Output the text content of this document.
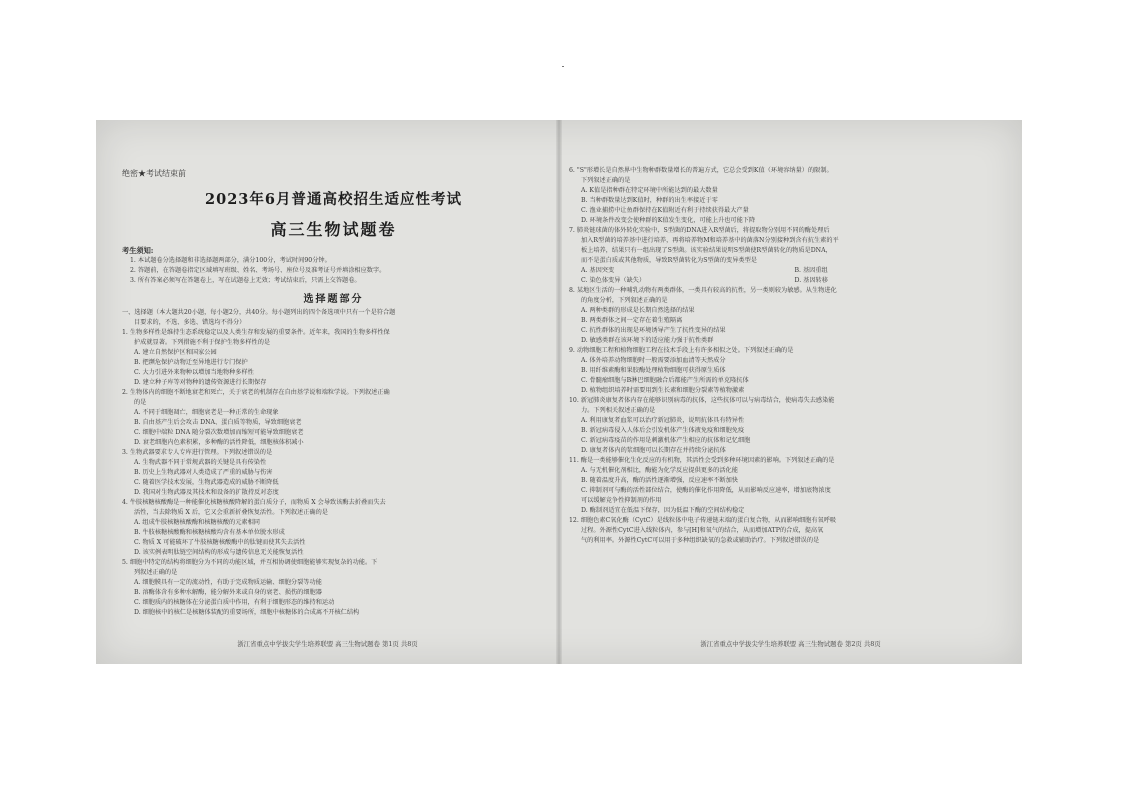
绝密★考试结束前
2023年6月普通高校招生适应性考试
高三生物试题卷
考生须知:
1. 本试题卷分选择题和非选择题两部分，满分100分，考试时间90分钟。
2. 答题前，在答题卷指定区域填写班级、姓名、考场号、座位号及准考证号并填涂相应数字。
3. 所有答案必须写在答题卷上，写在试题卷上无效；考试结束后，只需上交答题卷。
选择题部分
一、选择题（本大题共20小题，每小题2分，共40分。每小题列出的四个备选项中只有一个是符合题
目要求的，不选、多选、错选均不得分）
1. 生物多样性是维持生态系统稳定以及人类生存和发展的重要条件。近年来，我国的生物多样性保
护成就显著。下列措施不利于保护生物多样性的是
A. 建立自然保护区和国家公园
B. 把濒危保护动物迁至异地进行专门保护
C. 大力引进外来物种以增加当地物种多样性
D. 建立种子库等对物种的遗传资源进行长期保存
2. 生物体内的细胞不断地衰老和死亡，关于衰老的机制存在自由基学说和端粒学说。下列叙述正确
的是
A. 不同于细胞凋亡，细胞衰老是一种正常的生命现象
B. 自由基产生后会攻击 DNA、蛋白质等物质，导致细胞衰老
C. 细胞中端粒 DNA 随分裂次数增加而缩短可能导致细胞衰老
D. 衰老细胞内色素积累，多种酶的活性降低，细胞核体积减小
3. 生物武器要求专人专库进行管理。下列叙述错误的是
A. 生物武器不同于常规武器的关键是具有传染性
B. 历史上生物武器对人类造成了严重的威胁与伤害
C. 随着医学技术发展，生物武器造成的威胁不断降低
D. 我国对生物武器及其技术和设备的扩散持反对态度
4. 牛肢核糖核酸酶是一种能催化核糖核酸降解的蛋白质分子，而物质 X 会导致该酶去折叠而失去
活性，当去除物质 X 后，它又会重新折叠恢复活性。下列叙述正确的是
A. 组成牛肢核糖核酸酶和核糖核酸的元素相同
B. 牛肢核糖核酸酶和核糖核酸均含有基本单位脱水形成
C. 物质 X 可能破坏了牛肢核糖核酸酶中的肽键而使其失去活性
D. 该实例表明肽链空间结构的形成与遗传信息无关能恢复活性
5. 细胞中特定的结构将细胞分为不同的功能区域，并互相协调使细胞能够实现复杂的功能。下
列叙述正确的是
A. 细胞膜具有一定的流动性，有助于完成物质运输、细胞分裂等功能
B. 溶酶体含有多种水解酶，能分解外来或自身的衰老、损伤的细胞器
C. 细胞质内的核糖体在分泌蛋白质中作用，有利于细胞形态的维持和运动
D. 细胞核中的核仁是核糖体装配的重要场所，细胞中核糖体的合成离不开核仁结构
浙江省重点中学拔尖学生培养联盟 高三生物试题卷 第1页 共8页
6. "S"形增长是自然界中生物种群数量增长的普遍方式，它总会受到K值（环境容纳量）的限制。
下列叙述正确的是
A. K值是指种群在特定环境中所能达到的最大数量
B. 当种群数量达到K值时，种群的出生率接近于零
C. 渔业捕捞中让鱼群保持在K值附近有利于持续获得最大产量
D. 环境条件改变会使种群的K值发生变化，可能上升也可能下降
7. 肺炎链球菌的体外转化实验中，S型菌的DNA进入R型菌后，将提取物分别用不同的酶处理后
加入R型菌的培养基中进行培养，再将培养物M和培养基中的菌落N分别接种到含有抗生素的平
板上培养，结果只有一组出现了S型菌。该实验结果说明S型菌使R型菌转化的物质是DNA，
而不是蛋白质或其他物质，导致R型菌转化为S型菌的变异类型是
A. 基因突变	B. 基因重组
C. 染色体变异（缺失）	D. 基因转移
8. 某地区生活的一种哺乳动物有两类群体，一类具有较高的抗性，另一类则较为敏感。从生物进化
的角度分析，下列叙述正确的是
A. 两种类群的形成是长期自然选择的结果
B. 两类群体之间一定存在着生殖隔离
C. 抗性群体的出现是环境诱导产生了抗性变异的结果
D. 敏感类群在该环境下的适应能力强于抗性类群
9. 动物细胞工程和植物细胞工程在技术手段上有许多相似之处。下列叙述正确的是
A. 体外培养动物细胞时一般需要添加血清等天然成分
B. 用纤维素酶和果胶酶处理植物细胞可获得原生质体
C. 骨髓瘤细胞与B淋巴细胞融合后都能产生所需的单克隆抗体
D. 植物组织培养时需要用到生长素和细胞分裂素等植物激素
10. 新冠肺炎康复者体内存在能够识别病毒的抗体，这些抗体可以与病毒结合，使病毒失去感染能
力。下列相关叙述正确的是
A. 利用康复者血浆可以治疗新冠肺炎，说明抗体具有特异性
B. 新冠病毒侵入人体后会引发机体产生体液免疫和细胞免疫
C. 新冠病毒疫苗的作用是刺激机体产生相应的抗体和记忆细胞
D. 康复者体内的浆细胞可以长期存在并持续分泌抗体
11. 酶是一类能够催化生化反应的有机物，其活性会受到多种环境因素的影响。下列叙述正确的是
A. 与无机催化剂相比，酶能为化学反应提供更多的活化能
B. 随着温度升高，酶的活性逐渐增强，反应速率不断加快
C. 抑制剂可与酶的活性部位结合，使酶的催化作用降低，从而影响反应速率，增加底物浓度
可以缓解竞争性抑制剂的作用
D. 酶制剂适宜在低温下保存，因为低温下酶的空间结构稳定
12. 细胞色素C氧化酶（CytC）是线粒体中电子传递链末端的蛋白复合物，从而影响细胞有氧呼吸
过程。外源性CytC进入线粒体内，参与[H]和氧气的结合，从而增加ATP的合成，提高氧
气的利用率。外源性CytC可以用于多种组织缺氧的急救或辅助治疗。下列叙述错误的是
浙江省重点中学拔尖学生培养联盟 高三生物试题卷 第2页 共8页
